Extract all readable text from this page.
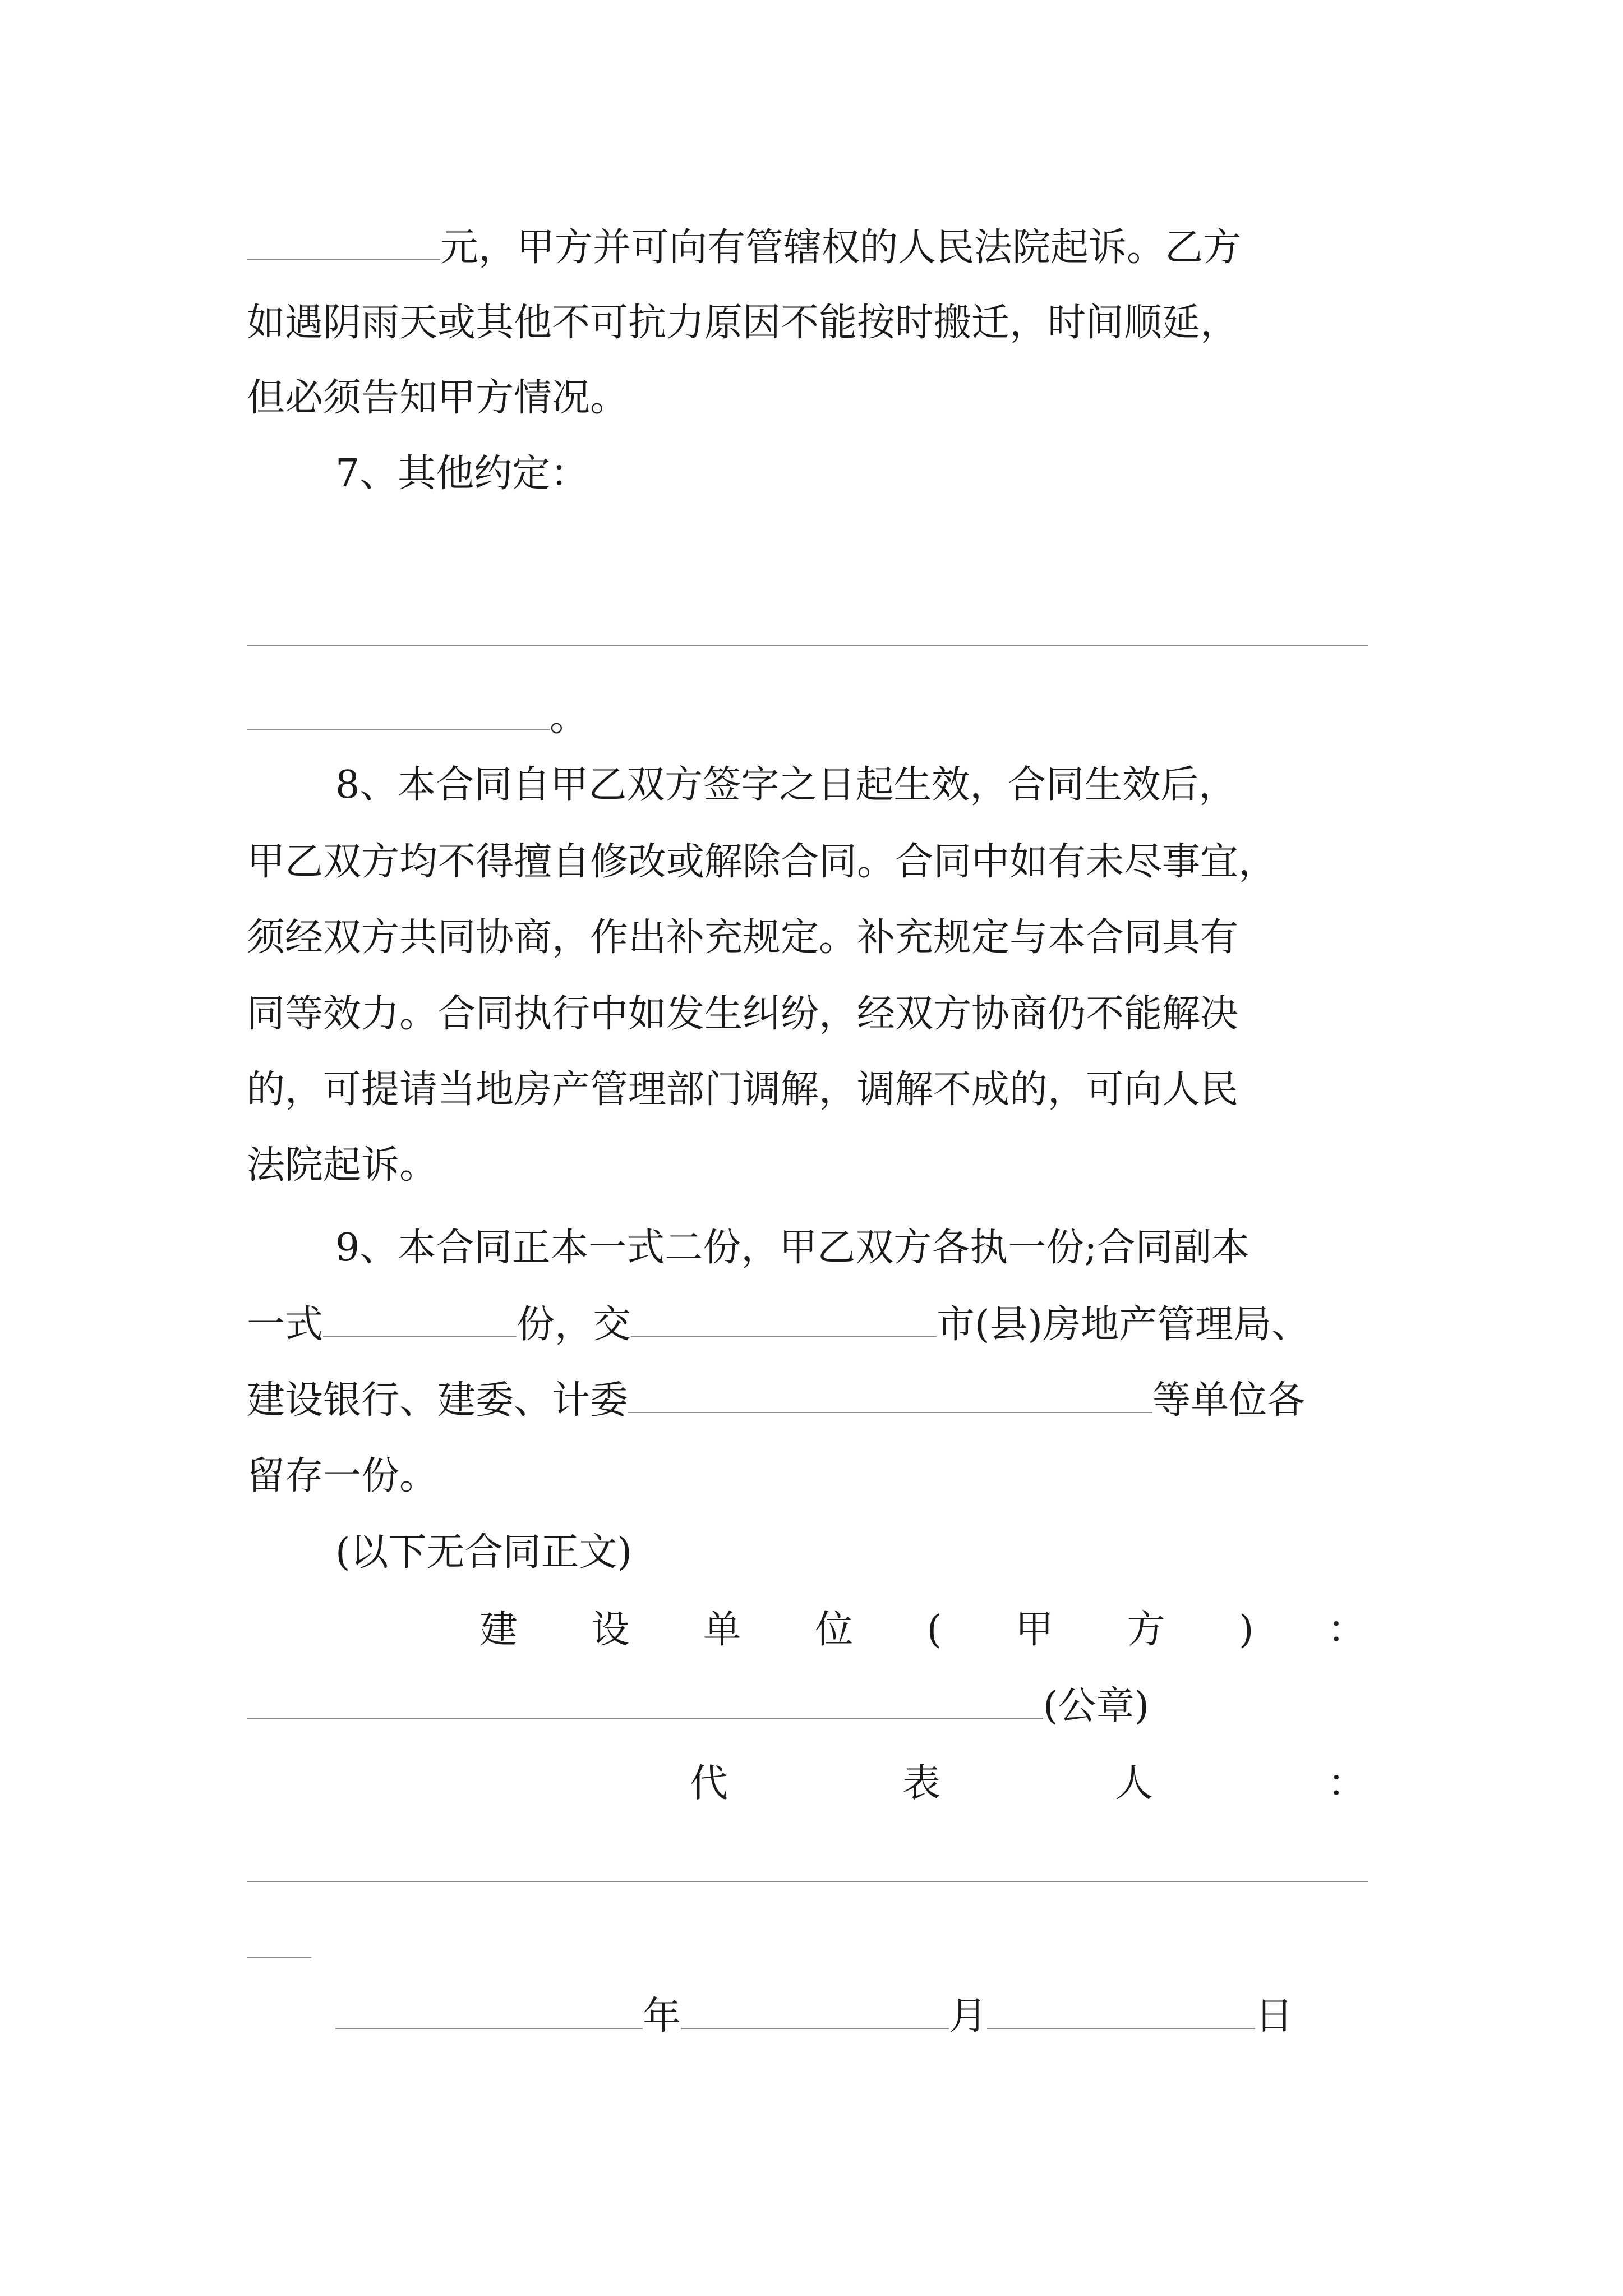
元，甲方并可向有管辖权的人民法院起诉。乙方
如遇阴雨天或其他不可抗力原因不能按时搬迁，时间顺延，
但必须告知甲方情况。
7、其他约定：
。
8、本合同自甲乙双方签字之日起生效，合同生效后，
甲乙双方均不得擅自修改或解除合同。合同中如有未尽事宜，
须经双方共同协商，作出补充规定。补充规定与本合同具有
同等效力。合同执行中如发生纠纷，经双方协商仍不能解决
的，可提请当地房产管理部门调解，调解不成的，可向人民
法院起诉。
9、本合同正本一式二份，甲乙双方各执一份;合同副本
一式	份，交	市(县)房地产管理局、
建设银行、建委、计委	等单位各
留存一份。
(以下无合同正文)
建 设 单 位 ( 甲 方 ) ：
(公章)
代	表	人	：
年	月	日
